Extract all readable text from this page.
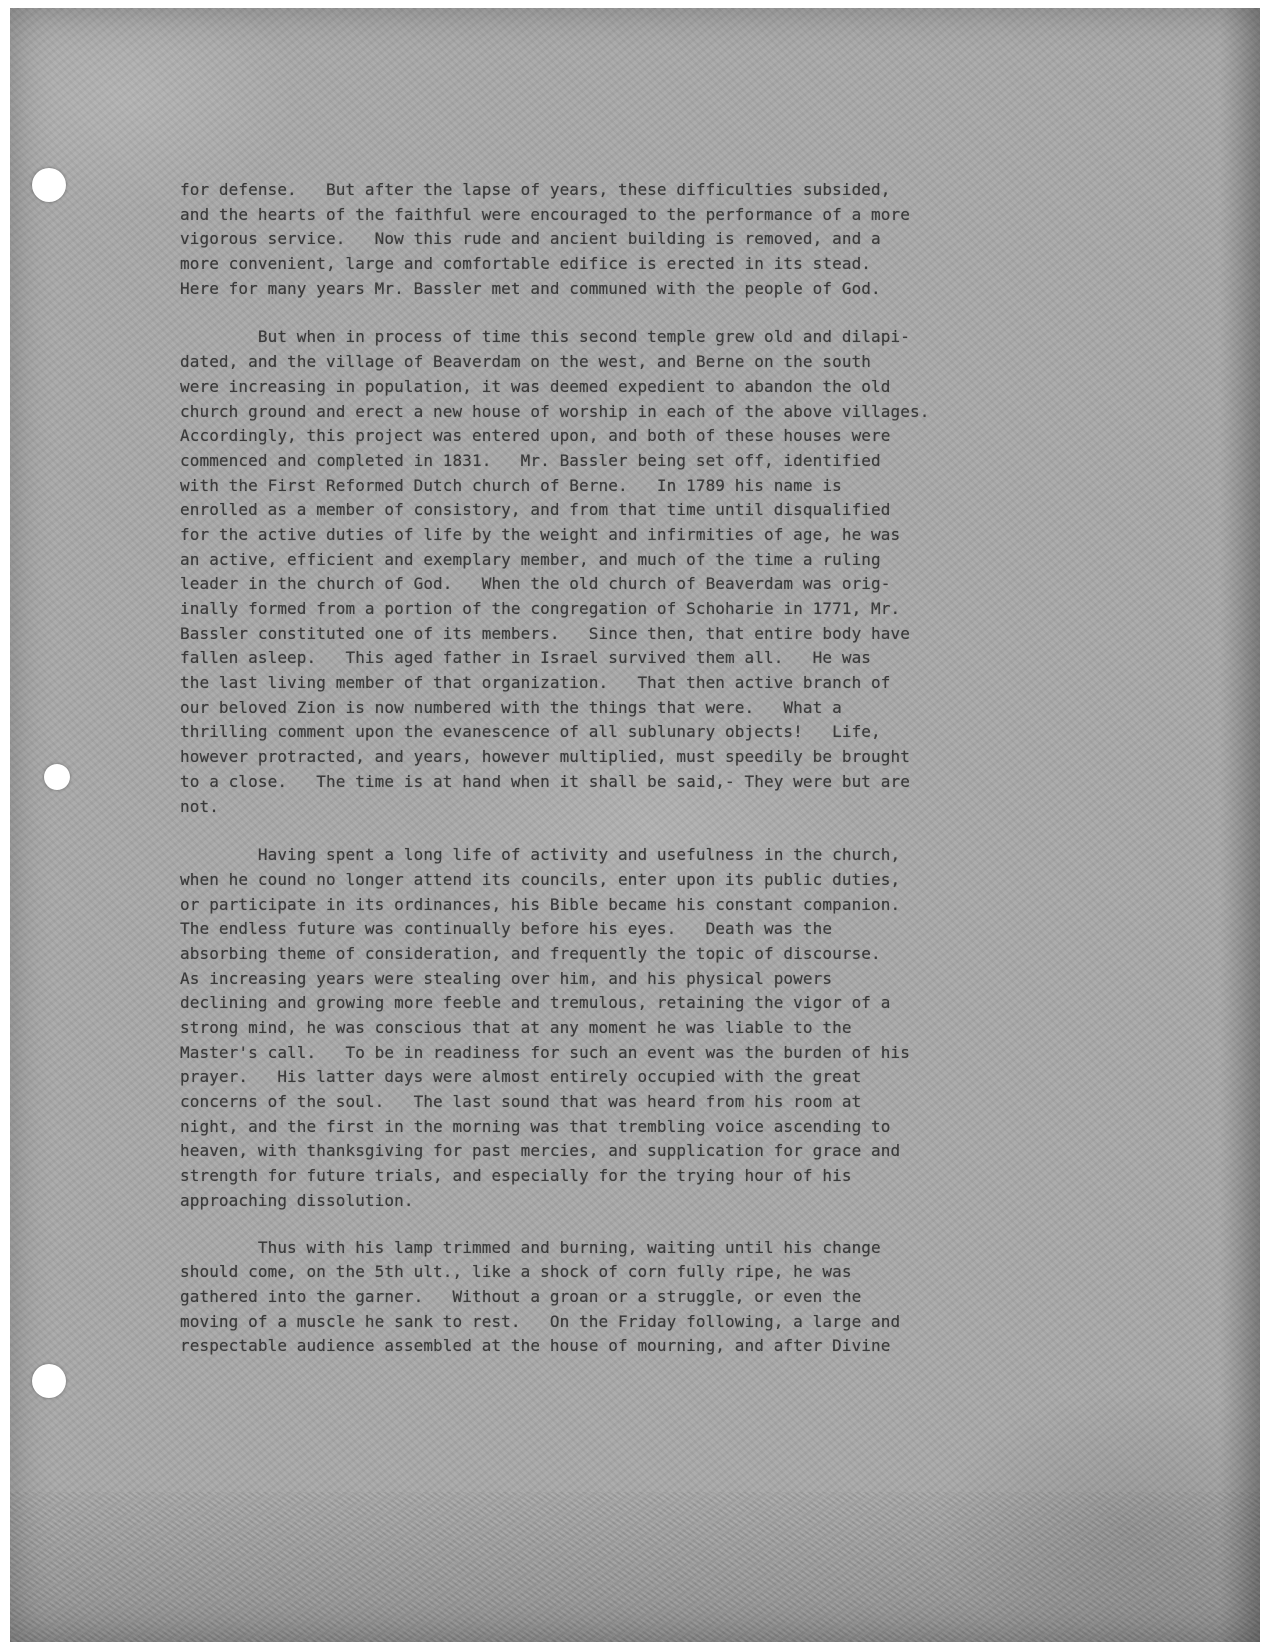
for defense.   But after the lapse of years, these difficulties subsided,
and the hearts of the faithful were encouraged to the performance of a more
vigorous service.   Now this rude and ancient building is removed, and a
more convenient, large and comfortable edifice is erected in its stead.
Here for many years Mr. Bassler met and communed with the people of God.
But when in process of time this second temple grew old and dilapi-
dated, and the village of Beaverdam on the west, and Berne on the south
were increasing in population, it was deemed expedient to abandon the old
church ground and erect a new house of worship in each of the above villages.
Accordingly, this project was entered upon, and both of these houses were
commenced and completed in 1831.   Mr. Bassler being set off, identified
with the First Reformed Dutch church of Berne.   In 1789 his name is
enrolled as a member of consistory, and from that time until disqualified
for the active duties of life by the weight and infirmities of age, he was
an active, efficient and exemplary member, and much of the time a ruling
leader in the church of God.   When the old church of Beaverdam was orig-
inally formed from a portion of the congregation of Schoharie in 1771, Mr.
Bassler constituted one of its members.   Since then, that entire body have
fallen asleep.   This aged father in Israel survived them all.   He was
the last living member of that organization.   That then active branch of
our beloved Zion is now numbered with the things that were.   What a
thrilling comment upon the evanescence of all sublunary objects!   Life,
however protracted, and years, however multiplied, must speedily be brought
to a close.   The time is at hand when it shall be said,- They were but are
not.
Having spent a long life of activity and usefulness in the church,
when he cound no longer attend its councils, enter upon its public duties,
or participate in its ordinances, his Bible became his constant companion.
The endless future was continually before his eyes.   Death was the
absorbing theme of consideration, and frequently the topic of discourse.
As increasing years were stealing over him, and his physical powers
declining and growing more feeble and tremulous, retaining the vigor of a
strong mind, he was conscious that at any moment he was liable to the
Master's call.   To be in readiness for such an event was the burden of his
prayer.   His latter days were almost entirely occupied with the great
concerns of the soul.   The last sound that was heard from his room at
night, and the first in the morning was that trembling voice ascending to
heaven, with thanksgiving for past mercies, and supplication for grace and
strength for future trials, and especially for the trying hour of his
approaching dissolution.
Thus with his lamp trimmed and burning, waiting until his change
should come, on the 5th ult., like a shock of corn fully ripe, he was
gathered into the garner.   Without a groan or a struggle, or even the
moving of a muscle he sank to rest.   On the Friday following, a large and
respectable audience assembled at the house of mourning, and after Divine
